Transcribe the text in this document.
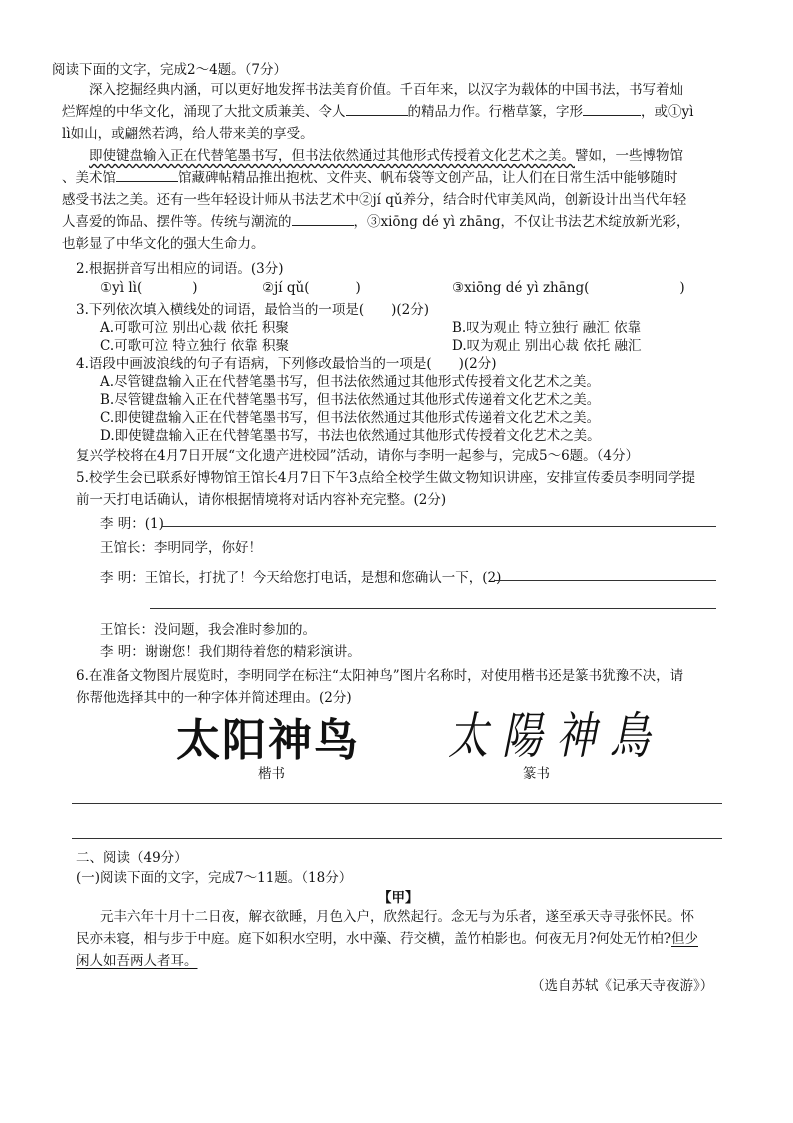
阅读下面的文字，完成2～4题。（7分）
深入挖掘经典内涵，可以更好地发挥书法美育价值。千百年来，以汉字为载体的中国书法，书写着灿
烂辉煌的中华文化，涌现了大批文质兼美、令人	的精品力作。行楷草篆，字形	，或①yì
lì如山，或翩然若鸿，给人带来美的享受。
即使键盘输入正在代替笔墨书写，但书法依然通过其他形式传授着文化艺术之美。譬如，一些博物馆
、美术馆	馆藏碑帖精品推出抱枕、文件夹、帆布袋等文创产品，让人们在日常生活中能够随时
感受书法之美。还有一些年轻设计师从书法艺术中②jí qǔ养分，结合时代审美风尚，创新设计出当代年轻
人喜爱的饰品、摆件等。传统与潮流的	，③xiōng dé yì zhāng，不仅让书法艺术绽放新光彩，
也彰显了中华文化的强大生命力。
2.根据拼音写出相应的词语。(3分)
①yì lì(	)	②jí qǔ(	)	③xiōng dé yì zhāng(	)
3.下列依次填入横线处的词语，最恰当的一项是(　　)(2分)
A.可歌可泣 别出心裁 依托 积聚	B.叹为观止 特立独行 融汇 依靠
C.可歌可泣 特立独行 依靠 积聚	D.叹为观止 别出心裁 依托 融汇
4.语段中画波浪线的句子有语病，下列修改最恰当的一项是(　　)(2分)
A.尽管键盘输入正在代替笔墨书写，但书法依然通过其他形式传授着文化艺术之美。
B.尽管键盘输入正在代替笔墨书写，但书法依然通过其他形式传递着文化艺术之美。
C.即使键盘输入正在代替笔墨书写，但书法依然通过其他形式传递着文化艺术之美。
D.即使键盘输入正在代替笔墨书写，书法也依然通过其他形式传授着文化艺术之美。
复兴学校将在4月7日开展“文化遗产进校园”活动，请你与李明一起参与，完成5～6题。（4分）
5.校学生会已联系好博物馆王馆长4月7日下午3点给全校学生做文物知识讲座，安排宣传委员李明同学提
前一天打电话确认，请你根据情境将对话内容补充完整。(2分)
李 明：(1)
王馆长：李明同学，你好！
李 明：王馆长，打扰了！今天给您打电话，是想和您确认一下，(2)
王馆长：没问题，我会准时参加的。
李 明：谢谢您！我们期待着您的精彩演讲。
6.在准备文物图片展览时，李明同学在标注“太阳神鸟”图片名称时，对使用楷书还是篆书犹豫不决，请
你帮他选择其中的一种字体并简述理由。(2分)
太阳神鸟 太陽神鳥
楷书	篆书
二、阅读（49分）
(一)阅读下面的文字，完成7～11题。（18分）
【甲】
元丰六年十月十二日夜，解衣欲睡，月色入户，欣然起行。念无与为乐者，遂至承天寺寻张怀民。怀
民亦未寝，相与步于中庭。庭下如积水空明，水中藻、荇交横，盖竹柏影也。何夜无月?何处无竹柏?但少
闲人如吾两人者耳。
（选自苏轼《记承天寺夜游》）
